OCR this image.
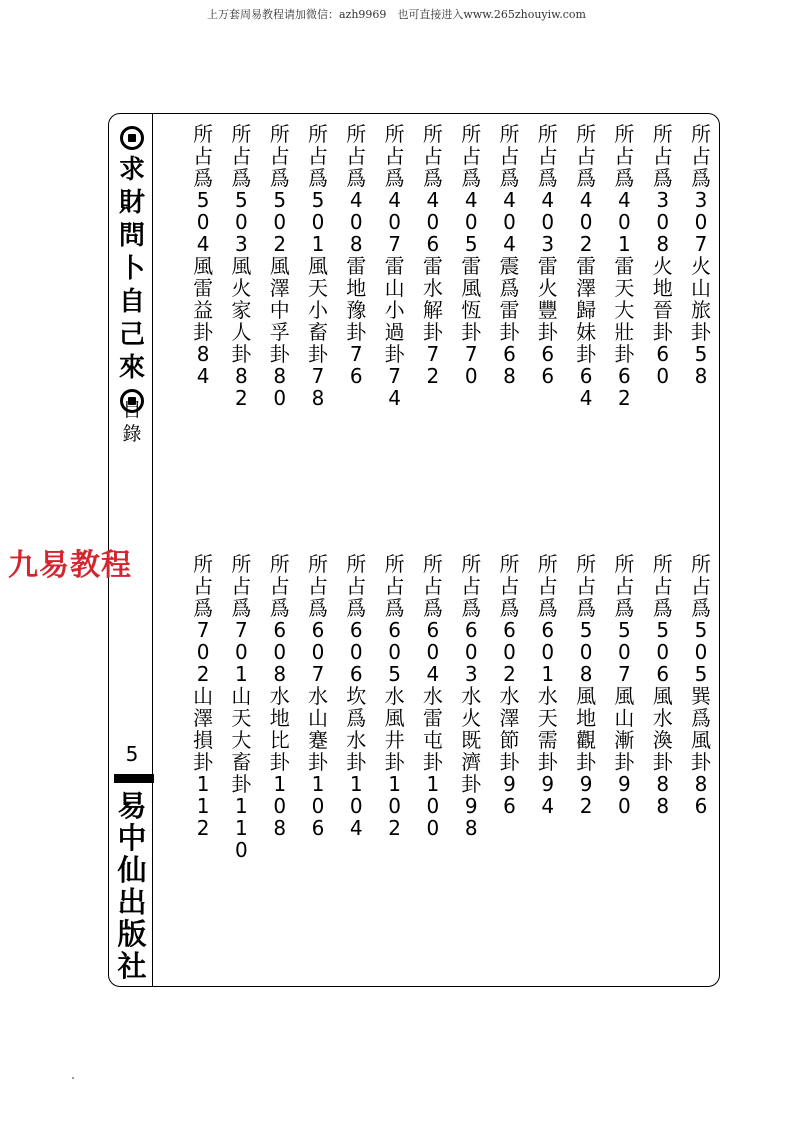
上万套周易教程请加微信：azh9969　也可直接进入www.265zhouyiw.com
求
財
問
卜
自
己
來
目
錄
5
易
中
仙
出
版
社
九易教程
所
占
爲
3
0
7
火
山
旅
卦
5
8
所
占
爲
3
0
8
火
地
晉
卦
6
0
所
占
爲
4
0
1
雷
天
大
壯
卦
6
2
所
占
爲
4
0
2
雷
澤
歸
妹
卦
6
4
所
占
爲
4
0
3
雷
火
豐
卦
6
6
所
占
爲
4
0
4
震
爲
雷
卦
6
8
所
占
爲
4
0
5
雷
風
恆
卦
7
0
所
占
爲
4
0
6
雷
水
解
卦
7
2
所
占
爲
4
0
7
雷
山
小
過
卦
7
4
所
占
爲
4
0
8
雷
地
豫
卦
7
6
所
占
爲
5
0
1
風
天
小
畜
卦
7
8
所
占
爲
5
0
2
風
澤
中
孚
卦
8
0
所
占
爲
5
0
3
風
火
家
人
卦
8
2
所
占
爲
5
0
4
風
雷
益
卦
8
4
所
占
爲
5
0
5
巽
爲
風
卦
8
6
所
占
爲
5
0
6
風
水
渙
卦
8
8
所
占
爲
5
0
7
風
山
漸
卦
9
0
所
占
爲
5
0
8
風
地
觀
卦
9
2
所
占
爲
6
0
1
水
天
需
卦
9
4
所
占
爲
6
0
2
水
澤
節
卦
9
6
所
占
爲
6
0
3
水
火
既
濟
卦
9
8
所
占
爲
6
0
4
水
雷
屯
卦
1
0
0
所
占
爲
6
0
5
水
風
井
卦
1
0
2
所
占
爲
6
0
6
坎
爲
水
卦
1
0
4
所
占
爲
6
0
7
水
山
蹇
卦
1
0
6
所
占
爲
6
0
8
水
地
比
卦
1
0
8
所
占
爲
7
0
1
山
天
大
畜
卦
1
1
0
所
占
爲
7
0
2
山
澤
損
卦
1
1
2
